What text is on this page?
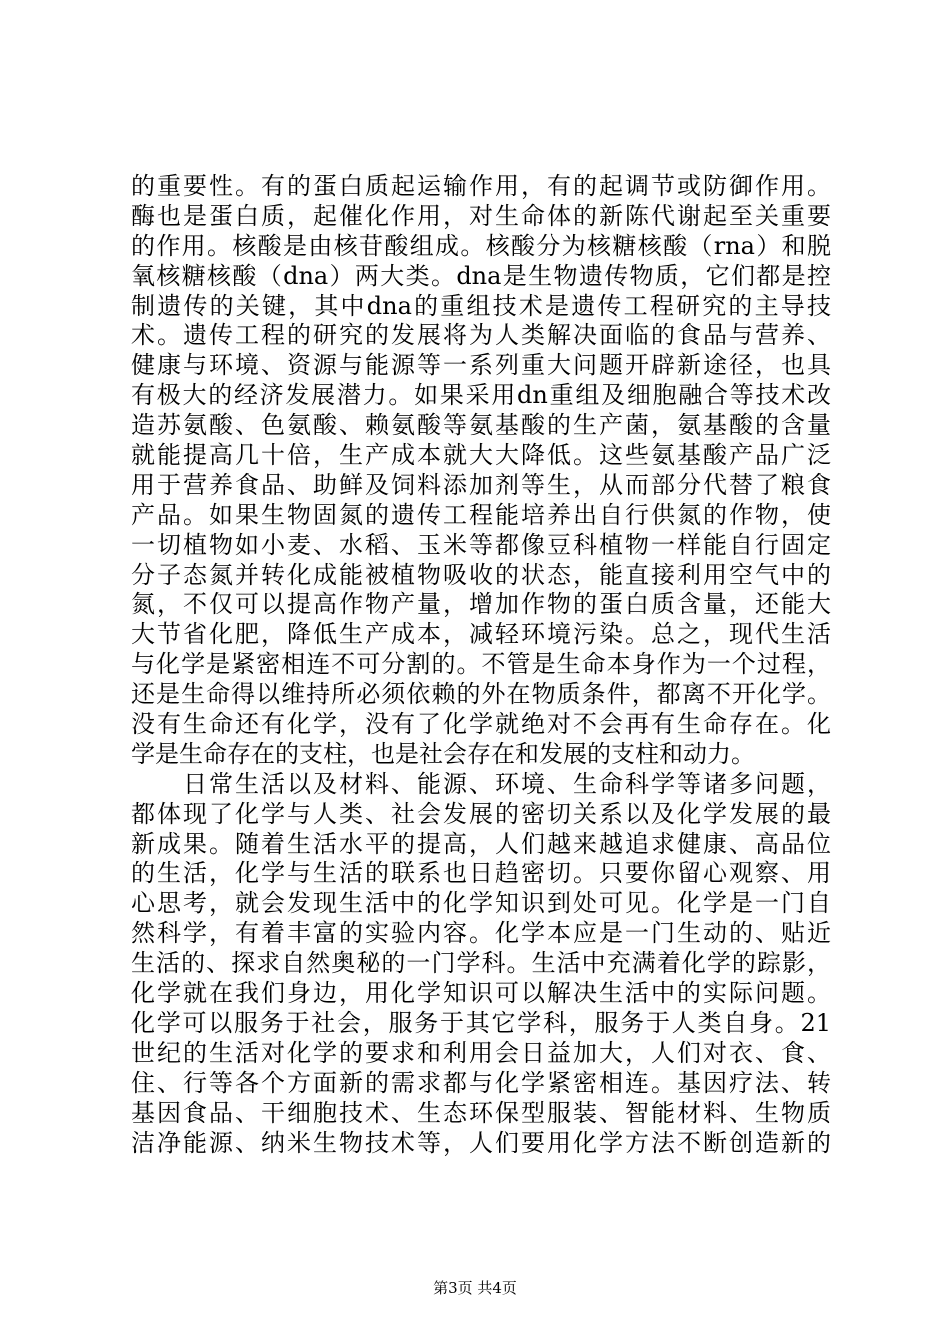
的重要性。有的蛋白质起运输作用，有的起调节或防御作用。
酶也是蛋白质，起催化作用，对生命体的新陈代谢起至关重要
的作用。核酸是由核苷酸组成。核酸分为核糖核酸（rna）和脱
氧核糖核酸（dna）两大类。dna是生物遗传物质，它们都是控
制遗传的关键，其中dna的重组技术是遗传工程研究的主导技
术。遗传工程的研究的发展将为人类解决面临的食品与营养、
健康与环境、资源与能源等一系列重大问题开辟新途径，也具
有极大的经济发展潜力。如果采用dn重组及细胞融合等技术改
造苏氨酸、色氨酸、赖氨酸等氨基酸的生产菌，氨基酸的含量
就能提高几十倍，生产成本就大大降低。这些氨基酸产品广泛
用于营养食品、助鲜及饲料添加剂等生，从而部分代替了粮食
产品。如果生物固氮的遗传工程能培养出自行供氮的作物，使
一切植物如小麦、水稻、玉米等都像豆科植物一样能自行固定
分子态氮并转化成能被植物吸收的状态，能直接利用空气中的
氮，不仅可以提高作物产量，增加作物的蛋白质含量，还能大
大节省化肥，降低生产成本，减轻环境污染。总之，现代生活
与化学是紧密相连不可分割的。不管是生命本身作为一个过程，
还是生命得以维持所必须依赖的外在物质条件，都离不开化学。
没有生命还有化学，没有了化学就绝对不会再有生命存在。化
学是生命存在的支柱，也是社会存在和发展的支柱和动力。
　　日常生活以及材料、能源、环境、生命科学等诸多问题，
都体现了化学与人类、社会发展的密切关系以及化学发展的最
新成果。随着生活水平的提高，人们越来越追求健康、高品位
的生活，化学与生活的联系也日趋密切。只要你留心观察、用
心思考，就会发现生活中的化学知识到处可见。化学是一门自
然科学，有着丰富的实验内容。化学本应是一门生动的、贴近
生活的、探求自然奥秘的一门学科。生活中充满着化学的踪影，
化学就在我们身边，用化学知识可以解决生活中的实际问题。
化学可以服务于社会，服务于其它学科，服务于人类自身。21
世纪的生活对化学的要求和利用会日益加大，人们对衣、食、
住、行等各个方面新的需求都与化学紧密相连。基因疗法、转
基因食品、干细胞技术、生态环保型服装、智能材料、生物质
洁净能源、纳米生物技术等，人们要用化学方法不断创造新的
第3页 共4页
